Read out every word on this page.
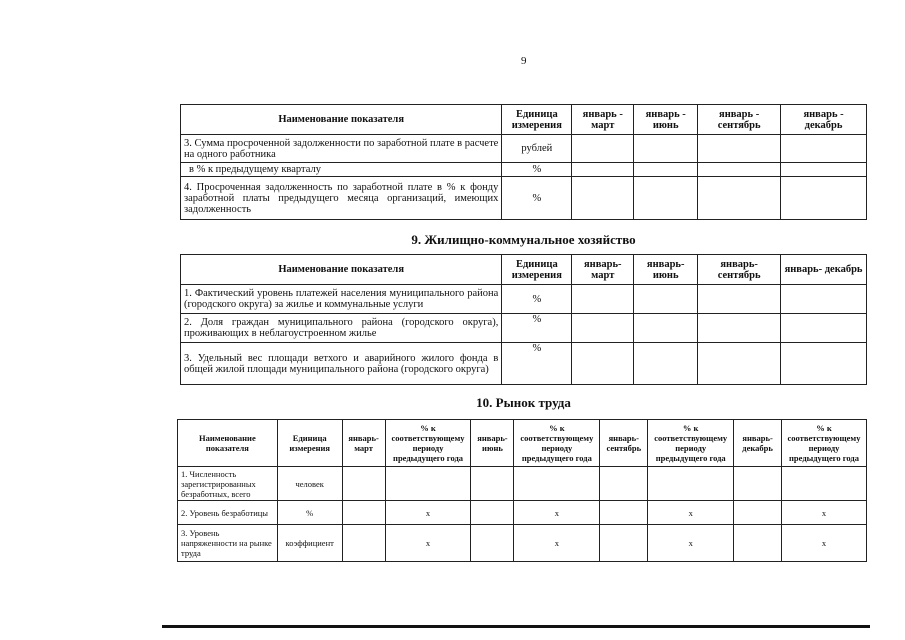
9
Наименование показателя	Единица измерения	январь - март	январь - июнь	январь - сентябрь	январь - декабрь
3. Сумма просроченной задолженности по заработной плате в расчете на одного работника	рублей				
в % к предыдущему кварталу	%				
4. Просроченная задолженность по заработной плате в % к фонду заработной платы предыдущего месяца организаций, имеющих задолженность	%				
9. Жилищно-коммунальное хозяйство
Наименование показателя	Единица измерения	январь- март	январь- июнь	январь- сентябрь	январь- декабрь
1. Фактический уровень платежей населения муниципального района (городского округа) за жилье и коммунальные услуги	%				
2. Доля граждан муниципального района (городского округа), проживающих в неблагоустроенном жилье	%				
3. Удельный вес площади ветхого и аварийного жилого фонда в общей жилой площади муниципального района (городского округа)	%				
10. Рынок труда
Наименование показателя	Единица измерения	январь- март	% к соответствующему периоду предыдущего года	январь- июнь	% к соответствующему периоду предыдущего года	январь- сентябрь	% к соответствующему периоду предыдущего года	январь- декабрь	% к соответствующему периоду предыдущего года
1. Численность зарегистрированных безработных, всего	человек								
2. Уровень безработицы	%		х		х		х		х
3. Уровень напряженности на рынке труда	коэффициент		х		х		х		х
